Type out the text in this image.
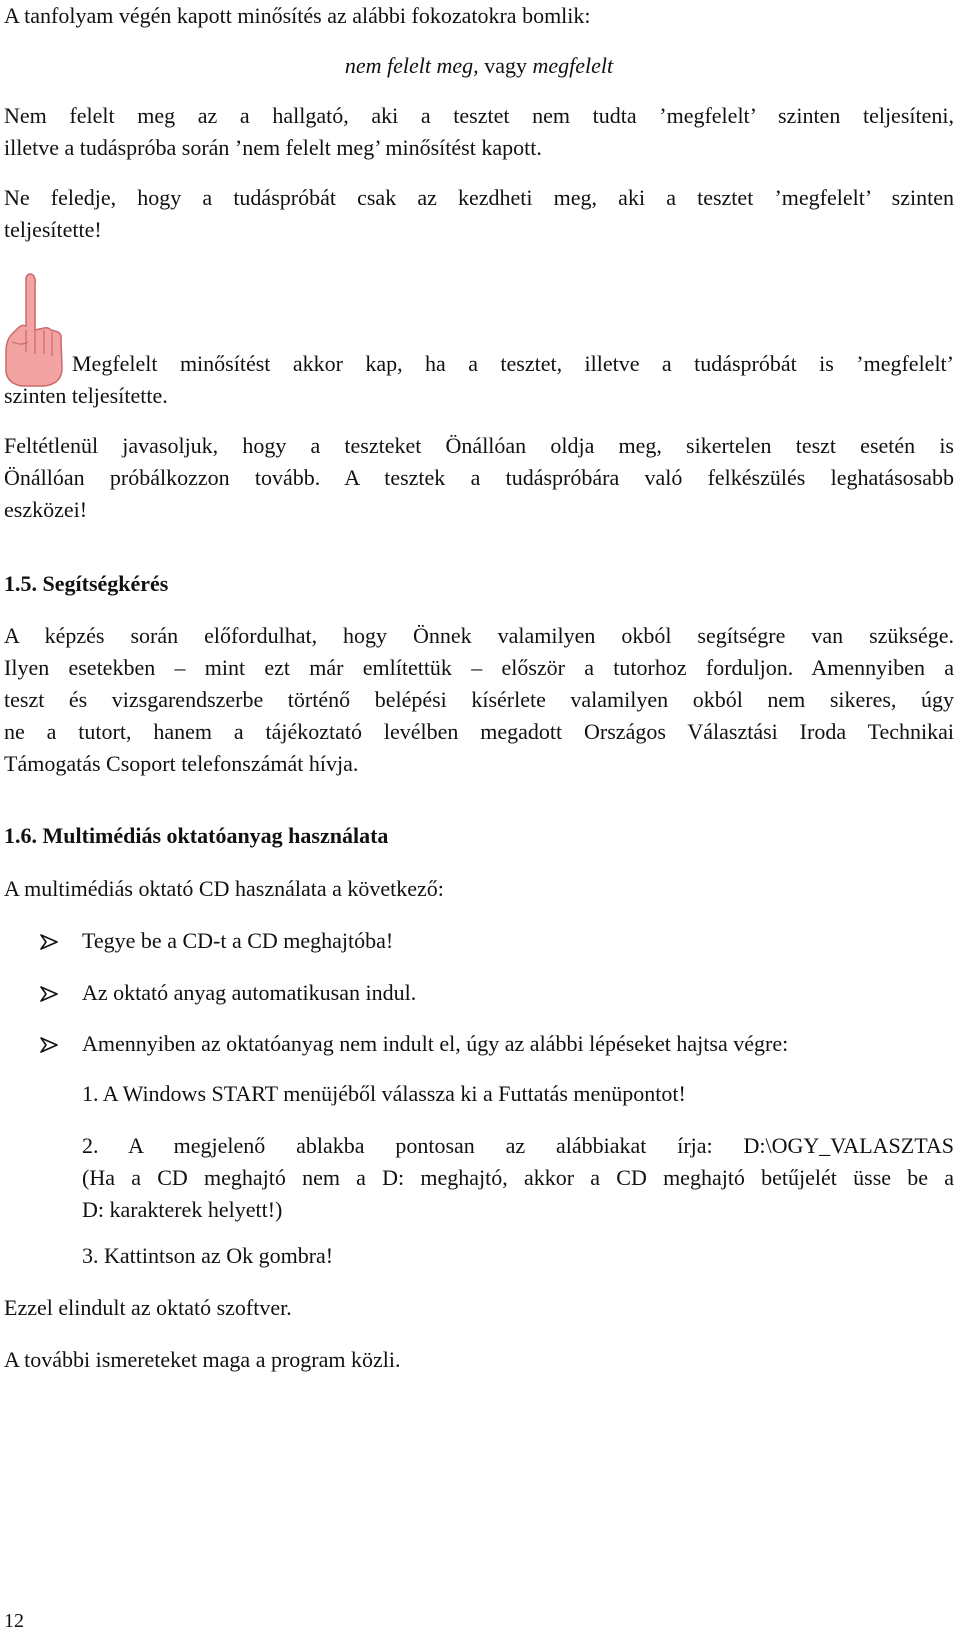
A tanfolyam végén kapott minősítés az alábbi fokozatokra bomlik:

nem felelt meg, vagy megfelelt

Nem felelt meg az a hallgató, aki a tesztet nem tudta ’megfelelt’ szinten teljesíteni,
illetve a tudáspróba során ’nem felelt meg’ minősítést kapott.

Ne feledje, hogy a tudáspróbát csak az kezdheti meg, aki a tesztet ’megfelelt’ szinten
teljesítette!

Megfelelt minősítést akkor kap, ha a tesztet, illetve a tudáspróbát is ’megfelelt’
szinten teljesítette.

Feltétlenül javasoljuk, hogy a teszteket Önállóan oldja meg, sikertelen teszt esetén is
Önállóan próbálkozzon tovább. A tesztek a tudáspróbára való felkészülés leghatásosabb
eszközei!

1.5. Segítségkérés

A képzés során előfordulhat, hogy Önnek valamilyen okból segítségre van szüksége.
Ilyen esetekben – mint ezt már említettük – először a tutorhoz forduljon. Amennyiben a
teszt és vizsgarendszerbe történő belépési kísérlete valamilyen okból nem sikeres, úgy
ne a tutort, hanem a tájékoztató levélben megadott Országos Választási Iroda Technikai
Támogatás Csoport telefonszámát hívja.

1.6. Multimédiás oktatóanyag használata

A multimédiás oktató CD használata a következő:

Tegye be a CD-t a CD meghajtóba!
Az oktató anyag automatikusan indul.
Amennyiben az oktatóanyag nem indult el, úgy az alábbi lépéseket hajtsa végre:
1. A Windows START menüjéből válassza ki a Futtatás menüpontot!
2. A megjelenő ablakba pontosan az alábbiakat írja: D:\OGY_VALASZTAS
(Ha a CD meghajtó nem a D: meghajtó, akkor a CD meghajtó betűjelét üsse be a
D: karakterek helyett!)
3. Kattintson az Ok gombra!

Ezzel elindult az oktató szoftver.

A további ismereteket maga a program közli.

12
